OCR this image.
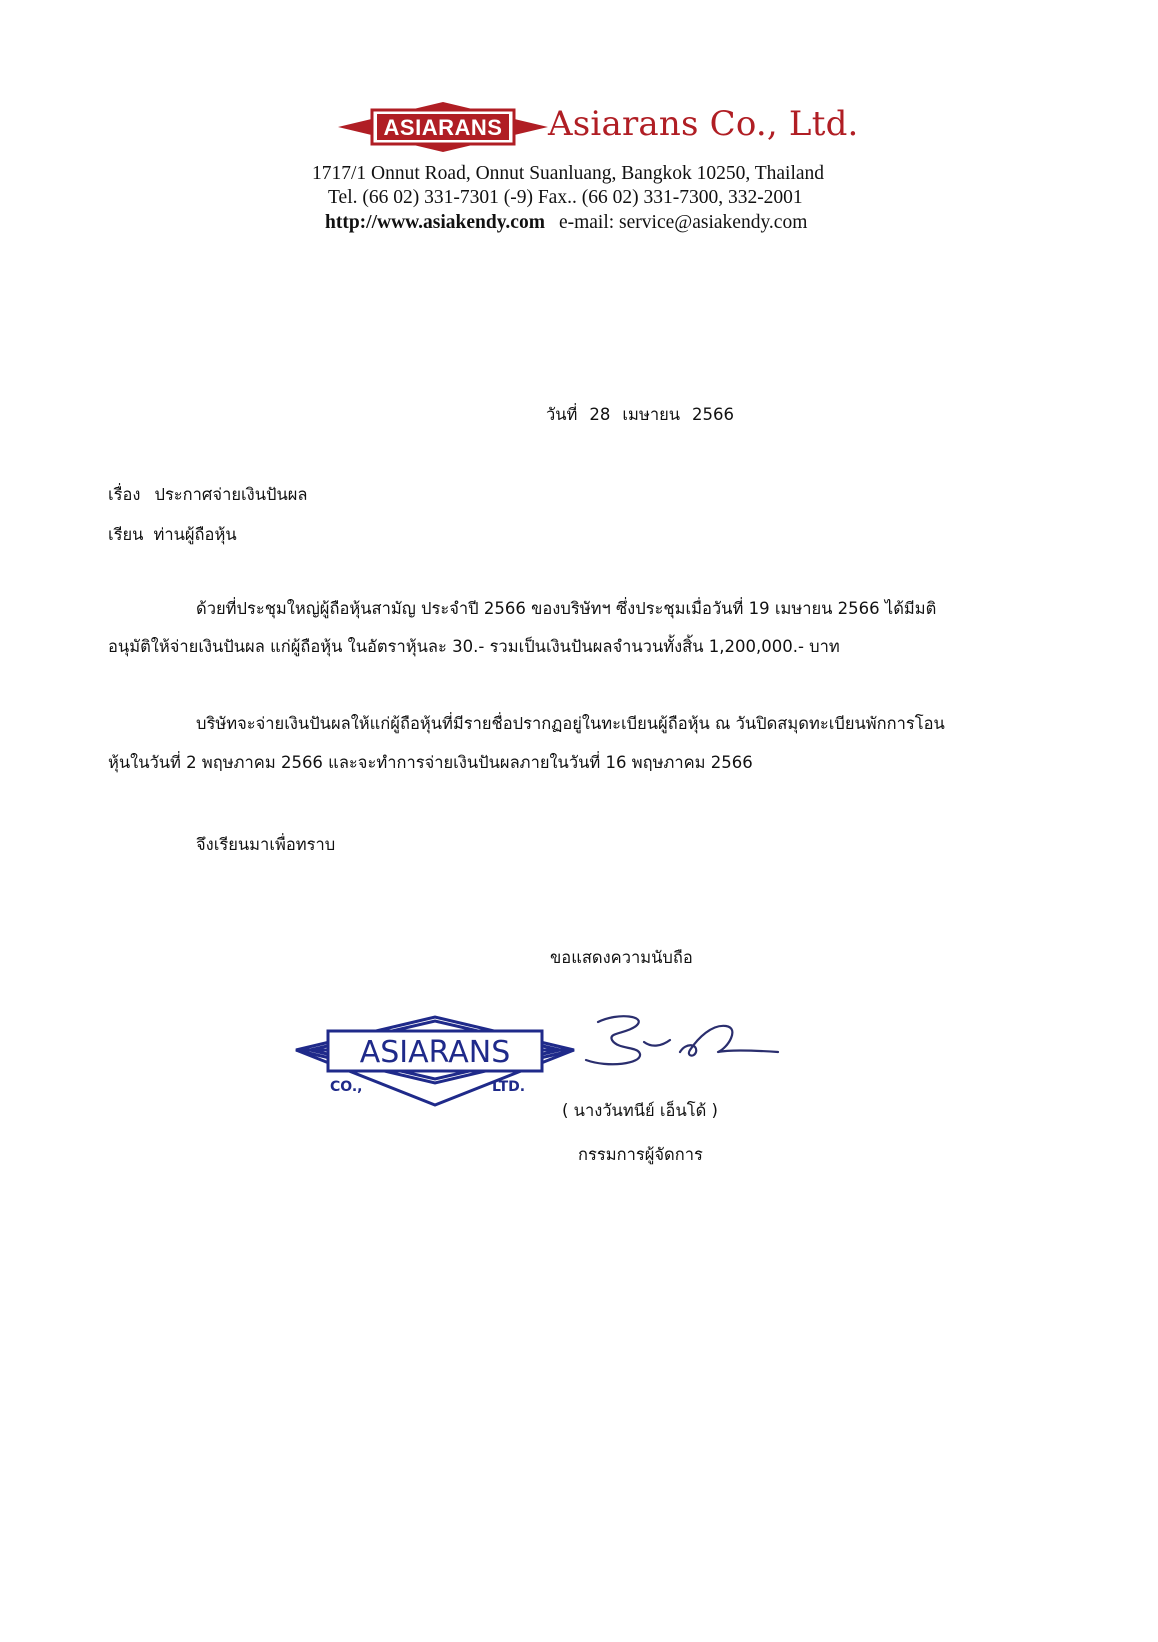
ASIARANS Asiarans Co., Ltd.
1717/1 Onnut Road, Onnut Suanluang, Bangkok 10250, Thailand
Tel. (66 02) 331-7301 (-9) Fax.. (66 02) 331-7300, 332-2001
http://www.asiakendy.com e-mail: service@asiakendy.com
วันที่ 28 เมษายน 2566
เรื่อง ประกาศจ่ายเงินปันผล
เรียน ท่านผู้ถือหุ้น
ด้วยที่ประชุมใหญ่ผู้ถือหุ้นสามัญ ประจำปี 2566 ของบริษัทฯ ซึ่งประชุมเมื่อวันที่ 19 เมษายน 2566 ได้มีมติ
อนุมัติให้จ่ายเงินปันผล แก่ผู้ถือหุ้น ในอัตราหุ้นละ 30.- รวมเป็นเงินปันผลจำนวนทั้งสิ้น 1,200,000.- บาท
บริษัทจะจ่ายเงินปันผลให้แก่ผู้ถือหุ้นที่มีรายชื่อปรากฏอยู่ในทะเบียนผู้ถือหุ้น ณ วันปิดสมุดทะเบียนพักการโอน
หุ้นในวันที่ 2 พฤษภาคม 2566 และจะทำการจ่ายเงินปันผลภายในวันที่ 16 พฤษภาคม 2566
จึงเรียนมาเพื่อทราบ
ขอแสดงความนับถือ
ASIARANS
CO.,	LTD.
( นางวันทนีย์ เอ็นโด้ )
กรรมการผู้จัดการ
